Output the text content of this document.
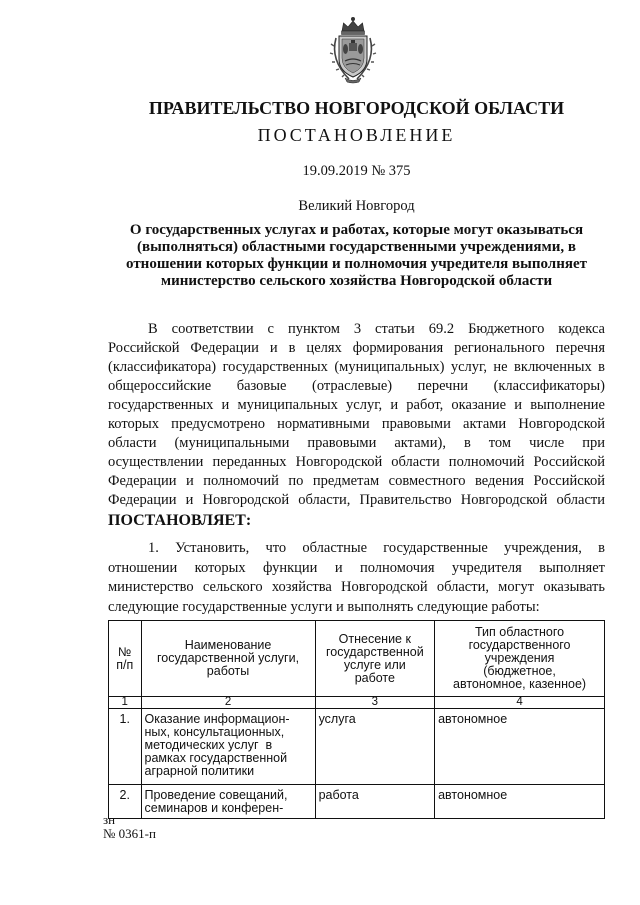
ПРАВИТЕЛЬСТВО НОВГОРОДСКОЙ ОБЛАСТИ
ПОСТАНОВЛЕНИЕ
19.09.2019 № 375
Великий Новгород
О государственных услугах и работах, которые могут оказываться
(выполняться) областными государственными учреждениями, в
отношении которых функции и полномочия учредителя выполняет
министерство сельского хозяйства Новгородской области
В соответствии с пунктом 3 статьи 69.2 Бюджетного кодекса
Российской Федерации и в целях формирования регионального перечня
(классификатора) государственных (муниципальных) услуг, не включенных в
общероссийские базовые (отраслевые) перечни (классификаторы)
государственных и муниципальных услуг, и работ, оказание и выполнение
которых предусмотрено нормативными правовыми актами Новгородской
области (муниципальными правовыми актами), в том числе при
осуществлении переданных Новгородской области полномочий Российской
Федерации и полномочий по предметам совместного ведения Российской
Федерации и Новгородской области, Правительство Новгородской области
ПОСТАНОВЛЯЕТ:
1. Установить, что областные государственные учреждения, в
отношении которых функции и полномочия учредителя выполняет
министерство сельского хозяйства Новгородской области, могут оказывать
следующие государственные услуги и выполнять следующие работы:
№
п/п	Наименование
государственной услуги,
работы	Отнесение к
государственной
услуге или
работе	Тип областного
государственного
учреждения
(бюджетное,
автономное, казенное)
1	2	3	4
1.	Оказание информацион-
ных, консультационных,
методических услуг  в
рамках государственной
аграрной политики	услуга	автономное
2.	Проведение совещаний,
семинаров и конферен-	работа	автономное
зн
№ 0361-п
